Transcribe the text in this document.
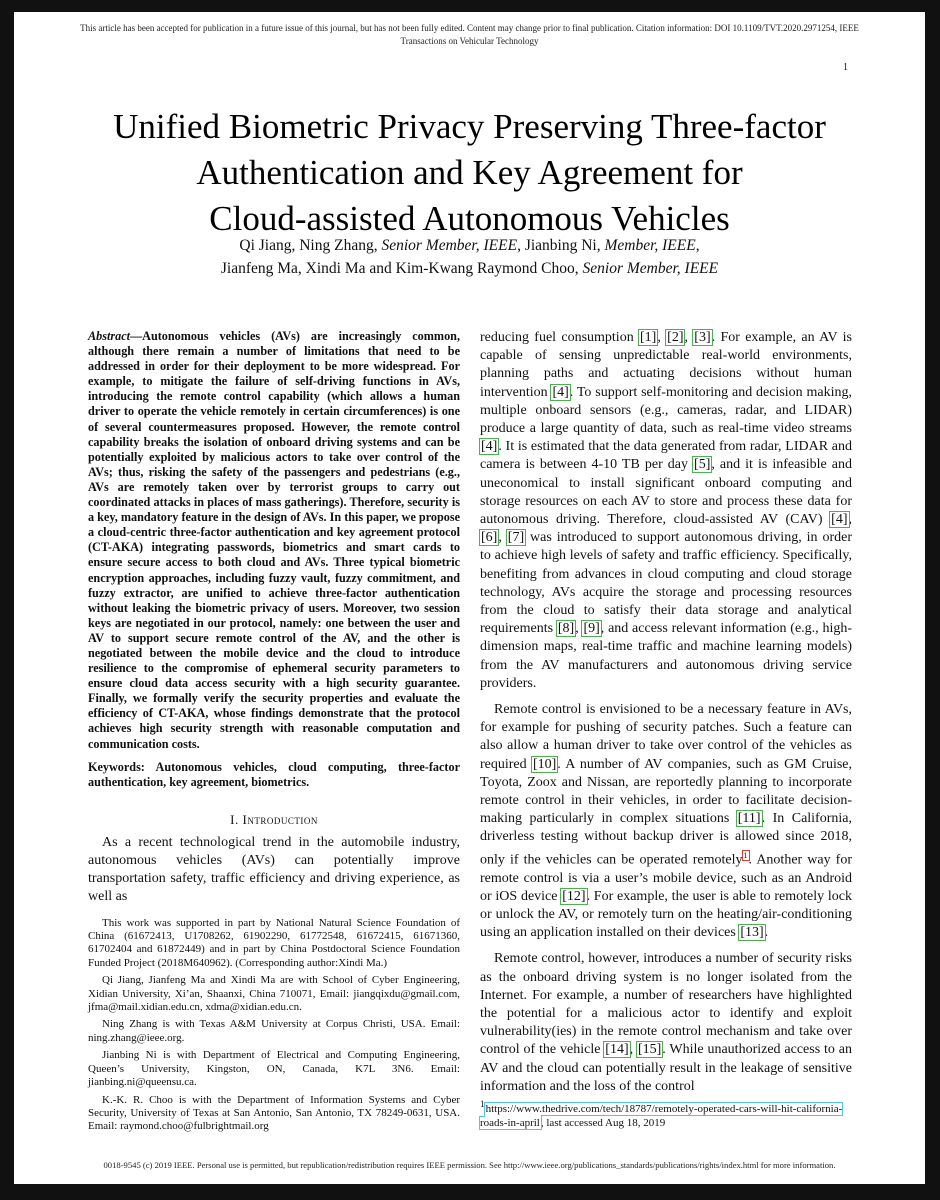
This article has been accepted for publication in a future issue of this journal, but has not been fully edited. Content may change prior to final publication. Citation information: DOI 10.1109/TVT.2020.2971254, IEEE
Transactions on Vehicular Technology
1
Unified Biometric Privacy Preserving Three-factor
Authentication and Key Agreement for
Cloud-assisted Autonomous Vehicles
Qi Jiang, Ning Zhang, Senior Member, IEEE, Jianbing Ni, Member, IEEE,
Jianfeng Ma, Xindi Ma and Kim-Kwang Raymond Choo, Senior Member, IEEE
Abstract—Autonomous vehicles (AVs) are increasingly common, although there remain a number of limitations that need to be addressed in order for their deployment to be more widespread. For example, to mitigate the failure of self-driving functions in AVs, introducing the remote control capability (which allows a human driver to operate the vehicle remotely in certain circumferences) is one of several countermeasures proposed. However, the remote control capability breaks the isolation of onboard driving systems and can be potentially exploited by malicious actors to take over control of the AVs; thus, risking the safety of the passengers and pedestrians (e.g., AVs are remotely taken over by terrorist groups to carry out coordinated attacks in places of mass gatherings). Therefore, security is a key, mandatory feature in the design of AVs. In this paper, we propose a cloud-centric three-factor authentication and key agreement protocol (CT-AKA) integrating passwords, biometrics and smart cards to ensure secure access to both cloud and AVs. Three typical biometric encryption approaches, including fuzzy vault, fuzzy commitment, and fuzzy extractor, are unified to achieve three-factor authentication without leaking the biometric privacy of users. Moreover, two session keys are negotiated in our protocol, namely: one between the user and AV to support secure remote control of the AV, and the other is negotiated between the mobile device and the cloud to introduce resilience to the compromise of ephemeral security parameters to ensure cloud data access security with a high security guarantee. Finally, we formally verify the security properties and evaluate the efficiency of CT-AKA, whose findings demonstrate that the protocol achieves high security strength with reasonable computation and communication costs.
Keywords: Autonomous vehicles, cloud computing, three-factor authentication, key agreement, biometrics.
I. Introduction

As a recent technological trend in the automobile industry, autonomous vehicles (AVs) can potentially improve transportation safety, traffic efficiency and driving experience, as well as

This work was supported in part by National Natural Science Foundation of China (61672413, U1708262, 61902290, 61772548, 61672415, 61671360, 61702404 and 61872449) and in part by China Postdoctoral Science Foundation Funded Project (2018M640962). (Corresponding author:Xindi Ma.)

Qi Jiang, Jianfeng Ma and Xindi Ma are with School of Cyber Engineering, Xidian University, Xi’an, Shaanxi, China 710071, Email: jiangqixdu@gmail.com, jfma@mail.xidian.edu.cn, xdma@xidian.edu.cn.

Ning Zhang is with Texas A&M University at Corpus Christi, USA. Email: ning.zhang@ieee.org.

Jianbing Ni is with Department of Electrical and Computing Engineering, Queen’s University, Kingston, ON, Canada, K7L 3N6. Email: jianbing.ni@queensu.ca.

K.-K. R. Choo is with the Department of Information Systems and Cyber Security, University of Texas at San Antonio, San Antonio, TX 78249-0631, USA. Email: raymond.choo@fulbrightmail.org

reducing fuel consumption [1], [2], [3]. For example, an AV is capable of sensing unpredictable real-world environments, planning paths and actuating decisions without human intervention [4]. To support self-monitoring and decision making, multiple onboard sensors (e.g., cameras, radar, and LIDAR) produce a large quantity of data, such as real-time video streams [4]. It is estimated that the data generated from radar, LIDAR and camera is between 4-10 TB per day [5], and it is infeasible and uneconomical to install significant onboard computing and storage resources on each AV to store and process these data for autonomous driving. Therefore, cloud-assisted AV (CAV) [4], [6], [7] was introduced to support autonomous driving, in order to achieve high levels of safety and traffic efficiency. Specifically, benefiting from advances in cloud computing and cloud storage technology, AVs acquire the storage and processing resources from the cloud to satisfy their data storage and analytical requirements [8], [9], and access relevant information (e.g., high-dimension maps, real-time traffic and machine learning models) from the AV manufacturers and autonomous driving service providers.

Remote control is envisioned to be a necessary feature in AVs, for example for pushing of security patches. Such a feature can also allow a human driver to take over control of the vehicles as required [10]. A number of AV companies, such as GM Cruise, Toyota, Zoox and Nissan, are reportedly planning to incorporate remote control in their vehicles, in order to facilitate decision-making particularly in complex situations [11]. In California, driverless testing without backup driver is allowed since 2018, only if the vehicles can be operated remotely$^1$. Another way for remote control is via a user’s mobile device, such as an Android or iOS device [12]. For example, the user is able to remotely lock or unlock the AV, or remotely turn on the heating/air-conditioning using an application installed on their devices [13].

Remote control, however, introduces a number of security risks as the onboard driving system is no longer isolated from the Internet. For example, a number of researchers have highlighted the potential for a malicious actor to identify and exploit vulnerability(ies) in the remote control mechanism and take over control of the vehicle [14], [15]. While unauthorized access to an AV and the cloud can potentially result in the leakage of sensitive information and the loss of the control

$^1$https://www.thedrive.com/tech/18787/remotely-operated-cars-will-hit-california-roads-in-april, last accessed Aug 18, 2019
0018-9545 (c) 2019 IEEE. Personal use is permitted, but republication/redistribution requires IEEE permission. See http://www.ieee.org/publications_standards/publications/rights/index.html for more information.
